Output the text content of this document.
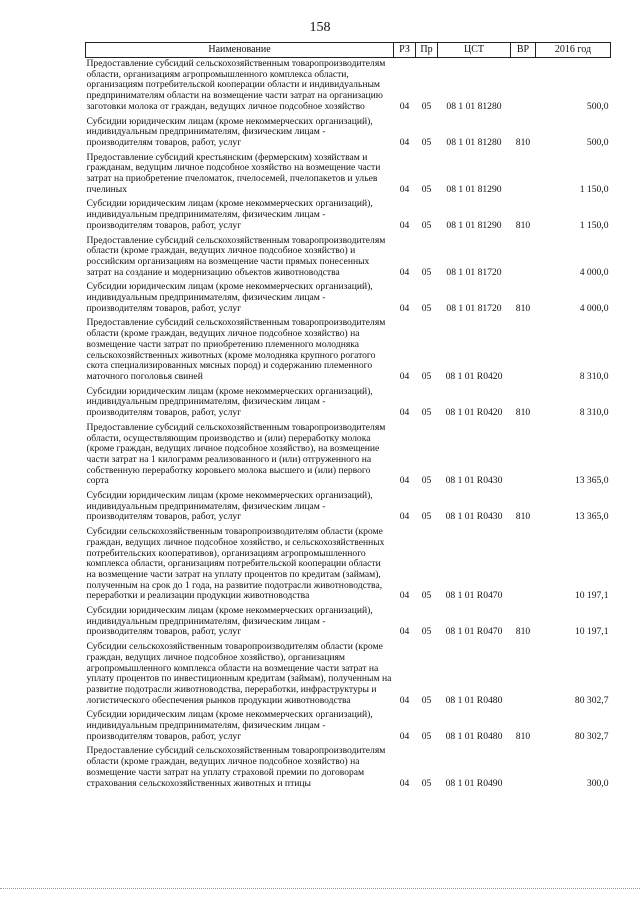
158
Наименование	РЗ	Пр	ЦСТ	ВР	2016 год
Предоставление субсидий сельскохозяйственным товаропроизводителям области, организациям агропромышленного комплекса области, организациям потребительской кооперации области и индивидуальным предпринимателям области на возмещение части затрат на организацию заготовки молока от граждан, ведущих личное подсобное хозяйство	04	05	08 1 01 81280		500,0
Субсидии юридическим лицам (кроме некоммерческих организаций), индивидуальным предпринимателям, физическим лицам - производителям товаров, работ, услуг	04	05	08 1 01 81280	810	500,0
Предоставление субсидий крестьянским (фермерским) хозяйствам и гражданам, ведущим личное подсобное хозяйство на возмещение части затрат на приобретение пчеломаток, пчелосемей, пчелопакетов и ульев пчелиных	04	05	08 1 01 81290		1 150,0
Субсидии юридическим лицам (кроме некоммерческих организаций), индивидуальным предпринимателям, физическим лицам - производителям товаров, работ, услуг	04	05	08 1 01 81290	810	1 150,0
Предоставление субсидий сельскохозяйственным товаропроизводителям области (кроме граждан, ведущих личное подсобное хозяйство) и российским организациям на возмещение части прямых понесенных затрат на создание и модернизацию объектов животноводства	04	05	08 1 01 81720		4 000,0
Субсидии юридическим лицам (кроме некоммерческих организаций), индивидуальным предпринимателям, физическим лицам - производителям товаров, работ, услуг	04	05	08 1 01 81720	810	4 000,0
Предоставление субсидий сельскохозяйственным товаропроизводителям области (кроме граждан, ведущих личное подсобное хозяйство) на возмещение части затрат по приобретению племенного молодняка сельскохозяйственных животных (кроме молодняка крупного рогатого скота специализированных мясных пород) и содержанию племенного маточного поголовья свиней	04	05	08 1 01 R0420		8 310,0
Субсидии юридическим лицам (кроме некоммерческих организаций), индивидуальным предпринимателям, физическим лицам - производителям товаров, работ, услуг	04	05	08 1 01 R0420	810	8 310,0
Предоставление субсидий сельскохозяйственным товаропроизводителям области, осуществляющим производство и (или) переработку молока (кроме граждан, ведущих личное подсобное хозяйство), на возмещение части затрат на 1 килограмм реализованного и (или) отгруженного на собственную переработку коровьего молока высшего и (или) первого сорта	04	05	08 1 01 R0430		13 365,0
Субсидии юридическим лицам (кроме некоммерческих организаций), индивидуальным предпринимателям, физическим лицам - производителям товаров, работ, услуг	04	05	08 1 01 R0430	810	13 365,0
Субсидии сельскохозяйственным товаропроизводителям области (кроме граждан, ведущих личное подсобное хозяйство, и сельскохозяйственных потребительских кооперативов), организациям агропромышленного комплекса области, организациям потребительской кооперации области на возмещение части затрат на уплату процентов по кредитам (займам), полученным на срок до 1 года, на развитие подотрасли животноводства, переработки и реализации продукции животноводства	04	05	08 1 01 R0470		10 197,1
Субсидии юридическим лицам (кроме некоммерческих организаций), индивидуальным предпринимателям, физическим лицам - производителям товаров, работ, услуг	04	05	08 1 01 R0470	810	10 197,1
Субсидии сельскохозяйственным товаропроизводителям области (кроме граждан, ведущих личное подсобное хозяйство), организациям агропромышленного комплекса области на возмещение части затрат на уплату процентов по инвестиционным кредитам (займам), полученным на развитие подотрасли животноводства, переработки, инфраструктуры и логистического обеспечения рынков продукции животноводства	04	05	08 1 01 R0480		80 302,7
Субсидии юридическим лицам (кроме некоммерческих организаций), индивидуальным предпринимателям, физическим лицам - производителям товаров, работ, услуг	04	05	08 1 01 R0480	810	80 302,7
Предоставление субсидий сельскохозяйственным товаропроизводителям области (кроме граждан, ведущих личное подсобное хозяйство) на возмещение части затрат на уплату страховой премии по договорам страхования сельскохозяйственных животных и птицы	04	05	08 1 01 R0490		300,0
